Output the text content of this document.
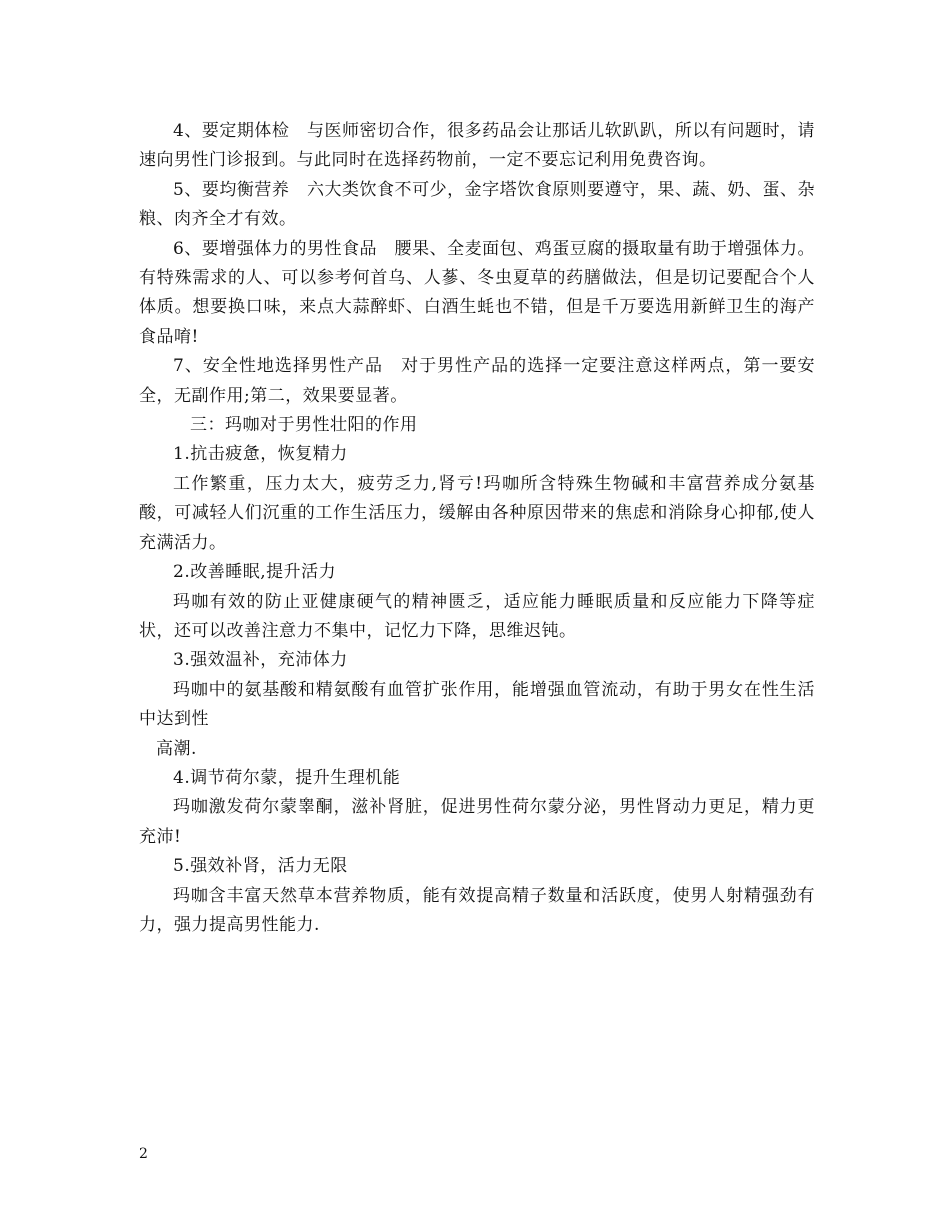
4、要定期体检　与医师密切合作，很多药品会让那话儿软趴趴，所以有问题时，请速向男性门诊报到。与此同时在选择药物前，一定不要忘记利用免费咨询。

5、要均衡营养　六大类饮食不可少，金字塔饮食原则要遵守，果、蔬、奶、蛋、杂粮、肉齐全才有效。

6、要增强体力的男性食品　腰果、全麦面包、鸡蛋豆腐的摄取量有助于增强体力。有特殊需求的人、可以参考何首乌、人蔘、冬虫夏草的药膳做法，但是切记要配合个人体质。想要换口味，来点大蒜醉虾、白酒生蚝也不错，但是千万要选用新鲜卫生的海产食品唷!

7、安全性地选择男性产品　对于男性产品的选择一定要注意这样两点，第一要安全，无副作用;第二，效果要显著。

三：玛咖对于男性壮阳的作用

1.抗击疲惫，恢复精力

工作繁重，压力太大，疲劳乏力,肾亏!玛咖所含特殊生物碱和丰富营养成分氨基酸，可减轻人们沉重的工作生活压力，缓解由各种原因带来的焦虑和消除身心抑郁,使人充满活力。

2.改善睡眠,提升活力

玛咖有效的防止亚健康硬气的精神匮乏，适应能力睡眠质量和反应能力下降等症状，还可以改善注意力不集中，记忆力下降，思维迟钝。

3.强效温补，充沛体力

玛咖中的氨基酸和精氨酸有血管扩张作用，能增强血管流动，有助于男女在性生活中达到性

高潮.

4.调节荷尔蒙，提升生理机能

玛咖激发荷尔蒙睾酮，滋补肾脏，促进男性荷尔蒙分泌，男性肾动力更足，精力更充沛!

5.强效补肾，活力无限

玛咖含丰富天然草本营养物质，能有效提高精子数量和活跃度，使男人射精强劲有力，强力提高男性能力.

2
